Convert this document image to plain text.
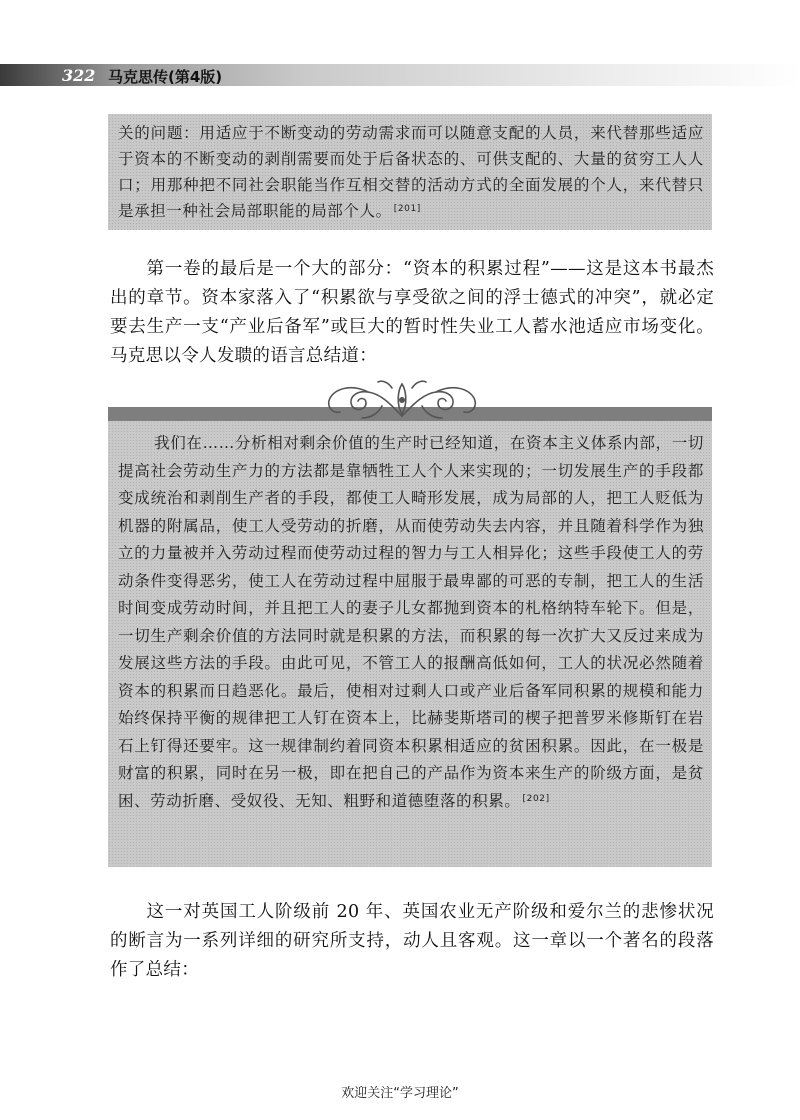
322 马克思传(第4版)
关的问题：用适应于不断变动的劳动需求而可以随意支配的人员，来代替那些适应于资本的不断变动的剥削需要而处于后备状态的、可供支配的、大量的贫穷工人人口；用那种把不同社会职能当作互相交替的活动方式的全面发展的个人，来代替只是承担一种社会局部职能的局部个人。 [201]
第一卷的最后是一个大的部分：“资本的积累过程”——这是这本书最杰出的章节。资本家落入了“积累欲与享受欲之间的浮士德式的冲突”，就必定要去生产一支“产业后备军”或巨大的暂时性失业工人蓄水池适应市场变化。马克思以令人发聩的语言总结道：
我们在……分析相对剩余价值的生产时已经知道，在资本主义体系内部，一切提高社会劳动生产力的方法都是靠牺牲工人个人来实现的；一切发展生产的手段都变成统治和剥削生产者的手段，都使工人畸形发展，成为局部的人，把工人贬低为机器的附属品，使工人受劳动的折磨，从而使劳动失去内容，并且随着科学作为独立的力量被并入劳动过程而使劳动过程的智力与工人相异化；这些手段使工人的劳动条件变得恶劣，使工人在劳动过程中屈服于最卑鄙的可恶的专制，把工人的生活时间变成劳动时间，并且把工人的妻子儿女都抛到资本的札格纳特车轮下。但是，一切生产剩余价值的方法同时就是积累的方法，而积累的每一次扩大又反过来成为发展这些方法的手段。由此可见，不管工人的报酬高低如何，工人的状况必然随着资本的积累而日趋恶化。最后，使相对过剩人口或产业后备军同积累的规模和能力始终保持平衡的规律把工人钉在资本上，比赫斐斯塔司的楔子把普罗米修斯钉在岩石上钉得还要牢。这一规律制约着同资本积累相适应的贫困积累。因此，在一极是财富的积累，同时在另一极，即在把自己的产品作为资本来生产的阶级方面，是贫困、劳动折磨、受奴役、无知、粗野和道德堕落的积累。 [202]
这一对英国工人阶级前 20 年、英国农业无产阶级和爱尔兰的悲惨状况的断言为一系列详细的研究所支持，动人且客观。这一章以一个著名的段落作了总结：
欢迎关注“学习理论”
